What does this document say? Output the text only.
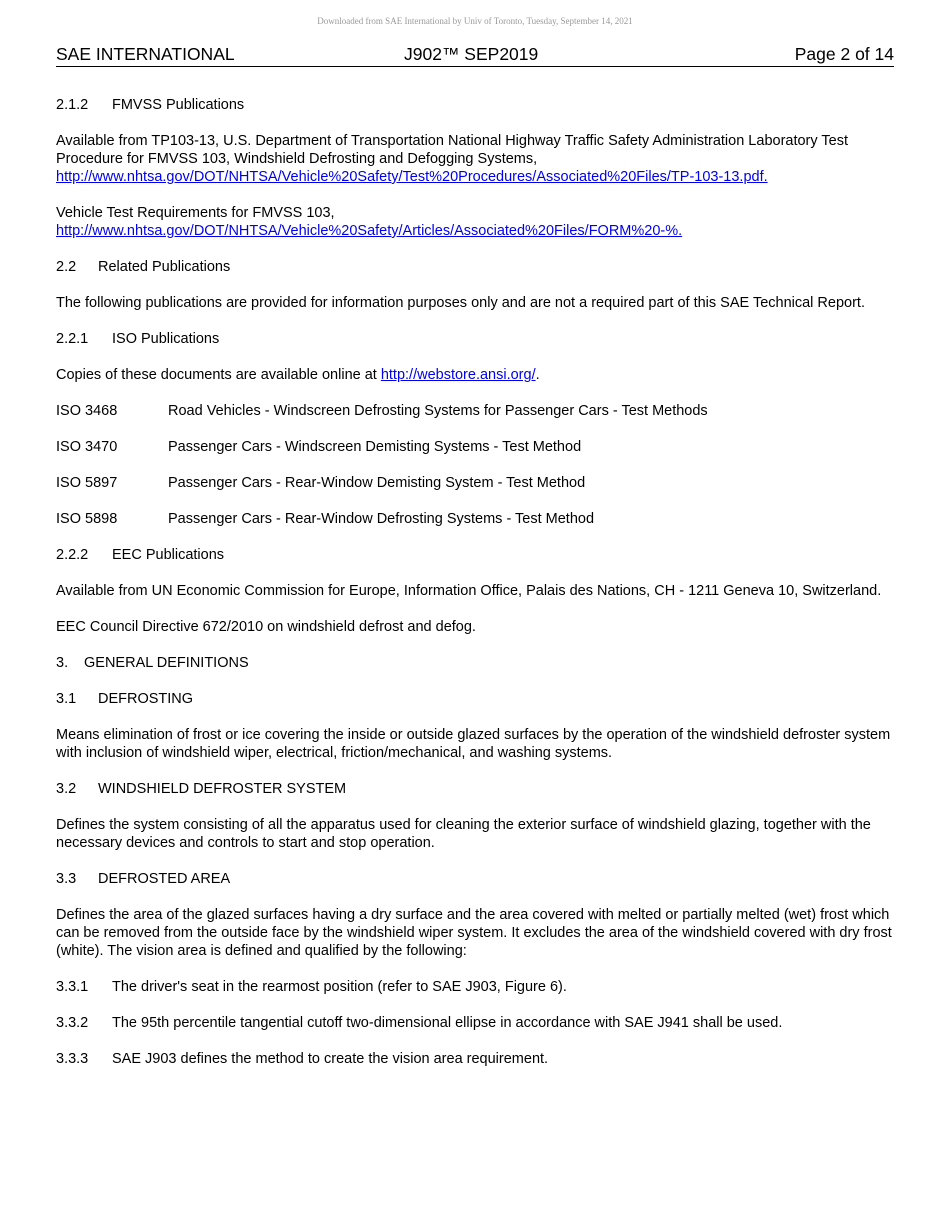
Downloaded from SAE International by Univ of Toronto, Tuesday, September 14, 2021
SAE INTERNATIONAL	J902™ SEP2019	Page 2 of 14

2.1.2	FMVSS Publications

Available from TP103-13, U.S. Department of Transportation National Highway Traffic Safety Administration Laboratory Test Procedure for FMVSS 103, Windshield Defrosting and Defogging Systems,
http://www.nhtsa.gov/DOT/NHTSA/Vehicle%20Safety/Test%20Procedures/Associated%20Files/TP-103-13.pdf.

Vehicle Test Requirements for FMVSS 103,
http://www.nhtsa.gov/DOT/NHTSA/Vehicle%20Safety/Articles/Associated%20Files/FORM%20-%.

2.2	Related Publications

The following publications are provided for information purposes only and are not a required part of this SAE Technical Report.

2.2.1	ISO Publications

Copies of these documents are available online at http://webstore.ansi.org/.

ISO 3468	Road Vehicles - Windscreen Defrosting Systems for Passenger Cars - Test Methods

ISO 3470	Passenger Cars - Windscreen Demisting Systems - Test Method

ISO 5897	Passenger Cars - Rear-Window Demisting System - Test Method

ISO 5898	Passenger Cars - Rear-Window Defrosting Systems - Test Method

2.2.2	EEC Publications

Available from UN Economic Commission for Europe, Information Office, Palais des Nations, CH - 1211 Geneva 10, Switzerland.

EEC Council Directive 672/2010 on windshield defrost and defog.

3.	GENERAL DEFINITIONS

3.1	DEFROSTING

Means elimination of frost or ice covering the inside or outside glazed surfaces by the operation of the windshield defroster system with inclusion of windshield wiper, electrical, friction/mechanical, and washing systems.

3.2	WINDSHIELD DEFROSTER SYSTEM

Defines the system consisting of all the apparatus used for cleaning the exterior surface of windshield glazing, together with the necessary devices and controls to start and stop operation.

3.3	DEFROSTED AREA

Defines the area of the glazed surfaces having a dry surface and the area covered with melted or partially melted (wet) frost which can be removed from the outside face by the windshield wiper system. It excludes the area of the windshield covered with dry frost (white). The vision area is defined and qualified by the following:

3.3.1	The driver's seat in the rearmost position (refer to SAE J903, Figure 6).

3.3.2	The 95th percentile tangential cutoff two-dimensional ellipse in accordance with SAE J941 shall be used.

3.3.3	SAE J903 defines the method to create the vision area requirement.
